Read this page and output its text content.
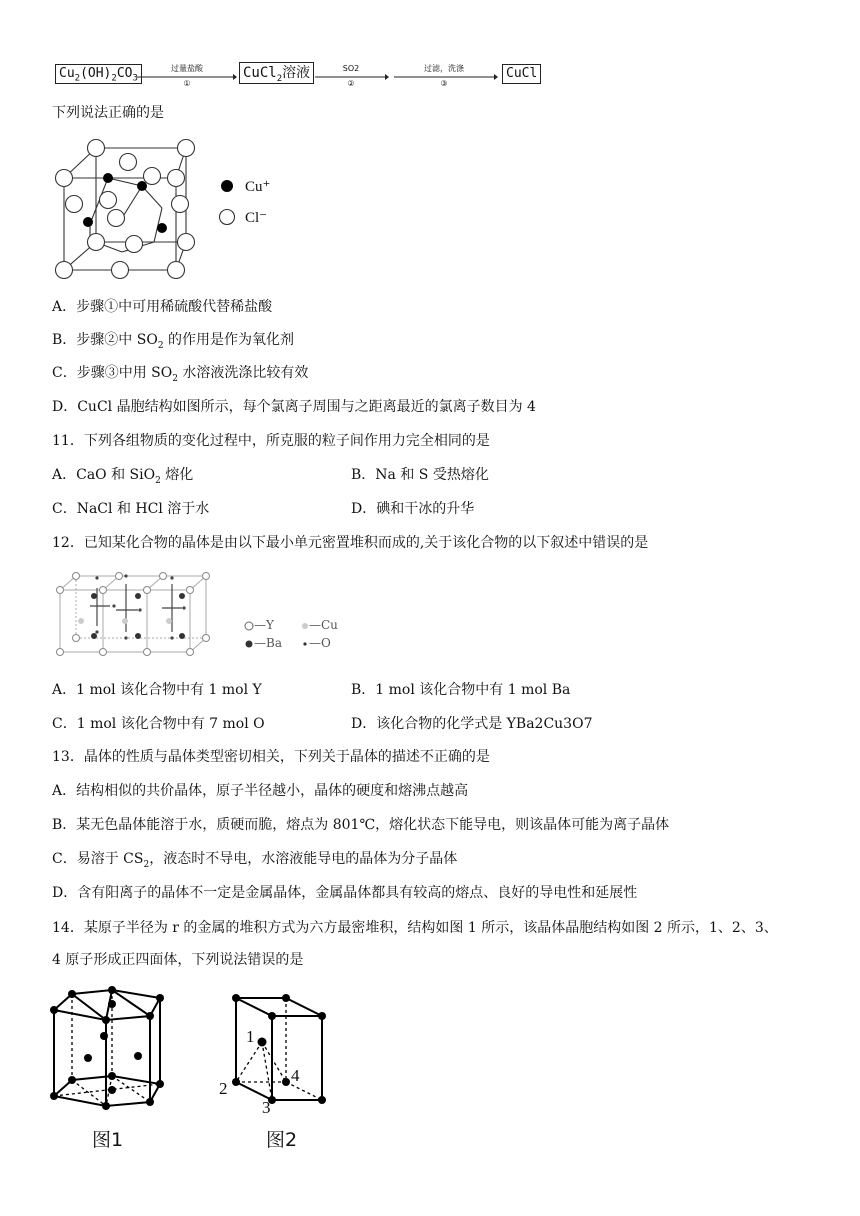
$Cu_2(OH)_2CO_3$
过量盐酸
①
CuCl$_2$溶液	SO2
②
过滤，洗涤
③
CuCl
下列说法正确的是
Cu⁺
Cl⁻
A．步骤①中可用稀硫酸代替稀盐酸
B．步骤②中 $SO_2$ 的作用是作为氧化剂
C．步骤③中用 $SO_2$ 水溶液洗涤比较有效
D．CuCl 晶胞结构如图所示，每个氯离子周围与之距离最近的氯离子数目为 4
11．下列各组物质的变化过程中，所克服的粒子间作用力完全相同的是
A．CaO 和 SiO$_2$ 熔化	B．Na 和 S 受热熔化
C．NaCl 和 HCl 溶于水	D．碘和干冰的升华
12．已知某化合物的晶体是由以下最小单元密置堆积而成的,关于该化合物的以下叙述中错误的是
—Y
—Ba
—Cu
—O
A．1 mol 该化合物中有 1 mol Y	B．1 mol 该化合物中有 1 mol Ba
C．1 mol 该化合物中有 7 mol O	D．该化合物的化学式是 YBa2Cu3O7
13．晶体的性质与晶体类型密切相关，下列关于晶体的描述不正确的是
A．结构相似的共价晶体，原子半径越小，晶体的硬度和熔沸点越高
B．某无色晶体能溶于水，质硬而脆，熔点为 801℃，熔化状态下能导电，则该晶体可能为离子晶体
C．易溶于 $CS_2$，液态时不导电，水溶液能导电的晶体为分子晶体
D．含有阳离子的晶体不一定是金属晶体，金属晶体都具有较高的熔点、良好的导电性和延展性
14．某原子半径为 r 的金属的堆积方式为六方最密堆积，结构如图 1 所示，该晶体晶胞结构如图 2 所示，1、2、3、
4 原子形成正四面体，下列说法错误的是
图1
1
2
3
4
图2
